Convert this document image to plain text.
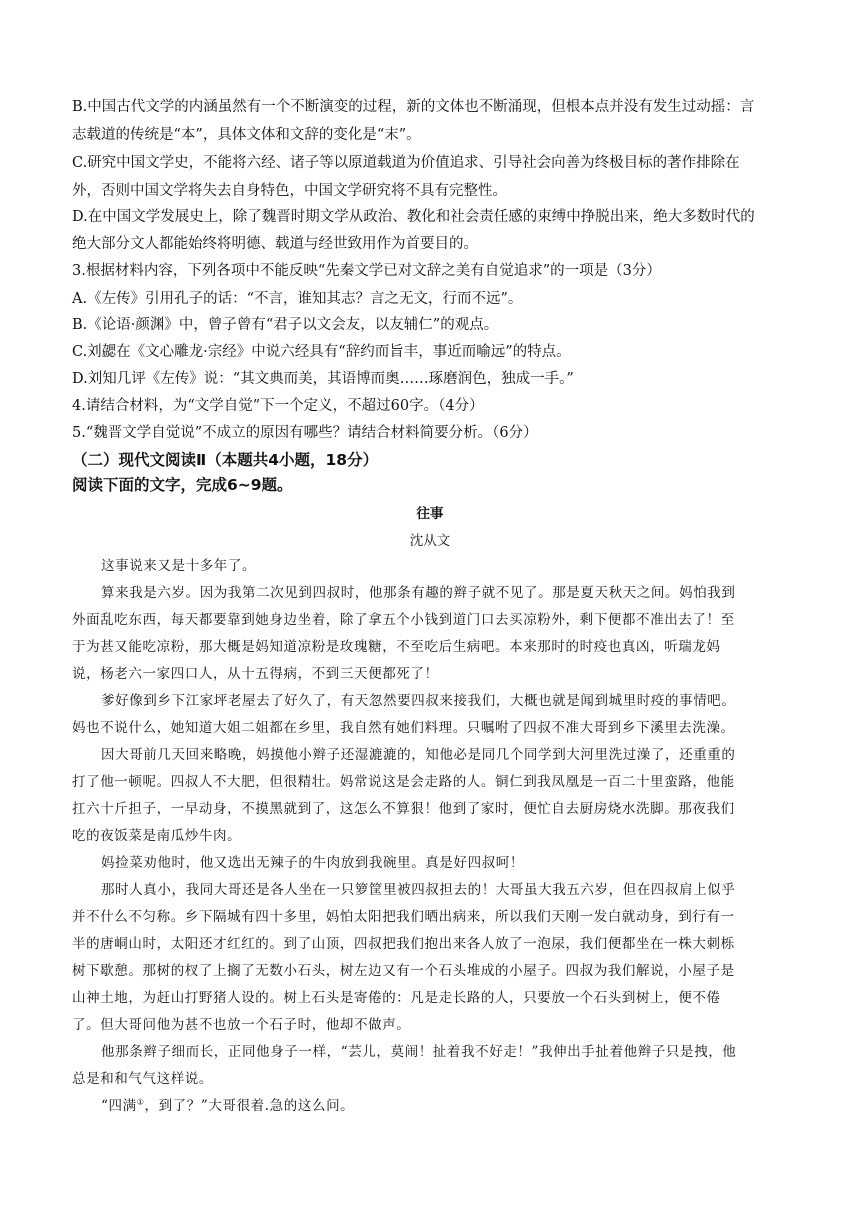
B.中国古代文学的内涵虽然有一个不断演变的过程，新的文体也不断涌现，但根本点并没有发生过动摇：言
志载道的传统是“本”，具体文体和文辞的变化是“末”。
C.研究中国文学史，不能将六经、诸子等以原道载道为价值追求、引导社会向善为终极目标的著作排除在
外，否则中国文学将失去自身特色，中国文学研究将不具有完整性。
D.在中国文学发展史上，除了魏晋时期文学从政治、教化和社会责任感的束缚中挣脱出来，绝大多数时代的
绝大部分文人都能始终将明德、载道与经世致用作为首要目的。
3.根据材料内容，下列各项中不能反映“先秦文学已对文辞之美有自觉追求”的一项是（3分）
A.《左传》引用孔子的话：“不言，谁知其志？言之无文，行而不远”。
B.《论语·颜渊》中，曾子曾有“君子以文会友，以友辅仁”的观点。
C.刘勰在《文心雕龙·宗经》中说六经具有“辞约而旨丰，事近而喻远”的特点。
D.刘知几评《左传》说：“其文典而美，其语博而奥……琢磨润色，独成一手。”
4.请结合材料，为“文学自觉”下一个定义，不超过60字。（4分）
5.“魏晋文学自觉说”不成立的原因有哪些？请结合材料简要分析。（6分）
（二）现代文阅读Ⅱ（本题共4小题，18分）
阅读下面的文字，完成6~9题。
往事
沈从文
这事说来又是十多年了。
算来我是六岁。因为我第二次见到四叔时，他那条有趣的辫子就不见了。那是夏天秋天之间。妈怕我到
外面乱吃东西，每天都要靠到她身边坐着，除了拿五个小钱到道门口去买凉粉外，剩下便都不准出去了！至
于为甚又能吃凉粉，那大概是妈知道凉粉是玫瑰糖，不至吃后生病吧。本来那时的时疫也真凶，听瑞龙妈
说，杨老六一家四口人，从十五得病，不到三天便都死了！
爹好像到乡下江家坪老屋去了好久了，有天忽然要四叔来接我们，大概也就是闻到城里时疫的事情吧。
妈也不说什么，她知道大姐二姐都在乡里，我自然有她们料理。只嘱咐了四叔不准大哥到乡下溪里去洗澡。
因大哥前几天回来略晚，妈摸他小辫子还湿漉漉的，知他必是同几个同学到大河里洗过澡了，还重重的
打了他一顿呢。四叔人不大肥，但很精壮。妈常说这是会走路的人。铜仁到我凤凰是一百二十里蛮路，他能
扛六十斤担子，一早动身，不摸黑就到了，这怎么不算狠！他到了家时，便忙自去厨房烧水洗脚。那夜我们
吃的夜饭菜是南瓜炒牛肉。
妈捡菜劝他时，他又选出无辣子的牛肉放到我碗里。真是好四叔呵！
那时人真小，我同大哥还是各人坐在一只箩筐里被四叔担去的！大哥虽大我五六岁，但在四叔肩上似乎
并不什么不匀称。乡下隔城有四十多里，妈怕太阳把我们晒出病来，所以我们天刚一发白就动身，到行有一
半的唐峒山时，太阳还才红红的。到了山顶，四叔把我们抱出来各人放了一泡尿，我们便都坐在一株大刺栎
树下歇憩。那树的杈了上搁了无数小石头，树左边又有一个石头堆成的小屋子。四叔为我们解说，小屋子是
山神土地，为赶山打野猪人设的。树上石头是寄倦的：凡是走长路的人，只要放一个石头到树上，便不倦
了。但大哥问他为甚不也放一个石子时，他却不做声。
他那条辫子细而长，正同他身子一样，“芸儿，莫闹！扯着我不好走！”我伸出手扯着他辫子只是拽，他
总是和和气气这样说。
“四满①，到了？”大哥很着.急的这么问。
